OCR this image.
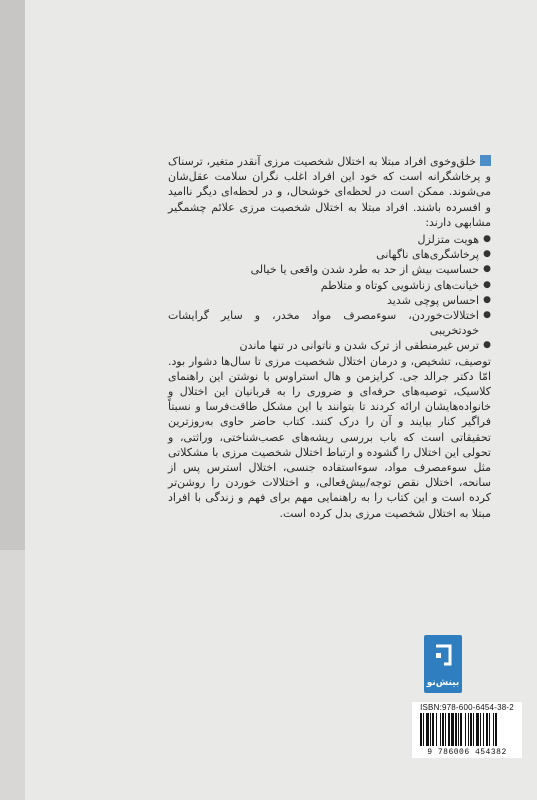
خلق‌وخوی افراد مبتلا به اختلال شخصیت مرزی آنقدر متغیر، ترسناک و پرخاشگرانه است که خود این افراد اغلب نگران سلامت عقل‌شان می‌شوند. ممکن است در لحظه‌ای خوشحال، و در لحظه‌ای دیگر ناامید و افسرده باشند. افراد مبتلا به اختلال شخصیت مرزی علائم چشمگیر مشابهی دارند:

● هویت متزلزل
● پرخاشگری‌های ناگهانی
● حساسیت بیش از حد به طرد شدن واقعی یا خیالی
● خیانت‌های زناشویی کوتاه و متلاطم
● احساس پوچی شدید
● اختلالات‌خوردن، سوءمصرف مواد مخدر، و سایر گرایشات خودتخریبی
● ترس غیرمنطقی از ترک شدن و ناتوانی در تنها ماندن

توصیف، تشخیص، و درمان اختلال شخصیت مرزی تا سال‌ها دشوار بود. امّا دکتر جرالد جی. کرایزمن و هال استراوس با نوشتن این راهنمای کلاسیک، توصیه‌های حرفه‌ای و ضروری را به قربانیان این اختلال و خانواده‌هایشان ارائه کردند تا بتوانند با این مشکل طاقت‌فرسا و نسبتاً فراگیر کنار بیایند و آن را درک کنند. کتاب حاضر حاوی به‌روزترین تحقیقاتی است که باب بررسی ریشه‌های عصب‌شناختی، وراثتی، و تحولی این اختلال را گشوده و ارتباط اختلال شخصیت مرزی با مشکلاتی مثل سوءمصرف مواد، سوءاستفاده جنسی، اختلال استرس پس از سانحه، اختلال نقص توجه/بیش‌فعالی، و اختلالات خوردن را روشن‌تر کرده است و این کتاب را به راهنمایی مهم برای فهم و زندگی با افراد مبتلا به اختلال شخصیت مرزی بدل کرده است.

بینش‌نو
ISBN:978-600-6454-38-2
9 786006 454382
